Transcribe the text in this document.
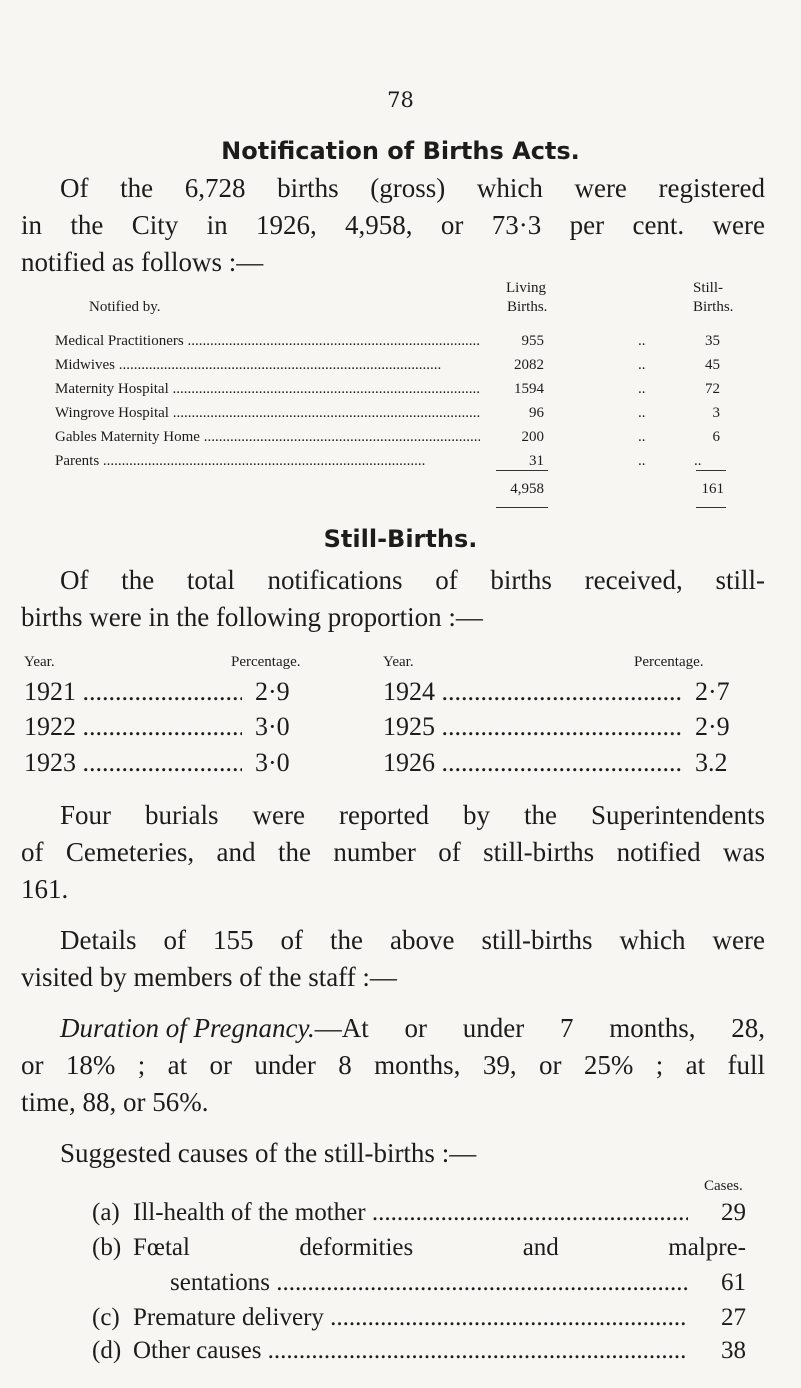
78
Notification of Births Acts.
Of the 6,728 births (gross) which were registered
in the City in 1926, 4,958, or 73·3 per cent. were
notified as follows :—
Living	Still-
Notified by.	Births.	Births.
Medical Practitioners .....	955	..	35
Midwives .....	2082	..	45
Maternity Hospital .....	1594	..	72
Wingrove Hospital .....	96	..	3
Gables Maternity Home .....	200	..	6
Parents .....	31	..	..
4,958	161
Still-Births.
Of the total notifications of births received, still-
births were in the following proportion :—
Year.	Percentage.	Year.	Percentage.
1921 .....	2·9	1924 .....	2·7
1922 .....	3·0	1925 .....	2·9
1923 .....	3·0	1926 .....	3.2
Four burials were reported by the Superintendents
of Cemeteries, and the number of still-births notified was
161.
Details of 155 of the above still-births which were
visited by members of the staff :—
Duration of Pregnancy. —At or under 7 months, 28,
or 18% ; at or under 8 months, 39, or 25% ; at full
time, 88, or 56%.
Suggested causes of the still-births :—
Cases.
(a) Ill-health of the mother .....	29
(b) Fœtal deformities and malpre-
sentations .....	61
(c) Premature delivery .....	27
(d) Other causes .....	38
